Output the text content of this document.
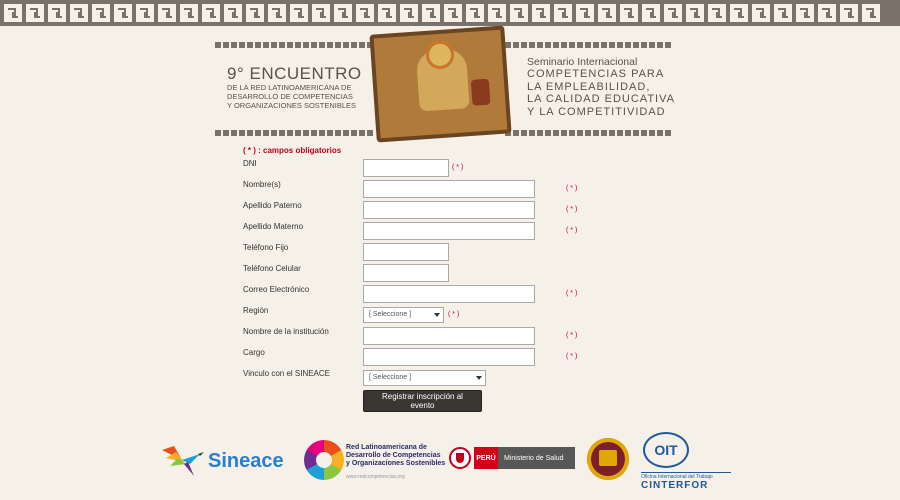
9° ENCUENTRO
DE LA RED LATINOAMERICANA DE
DESARROLLO DE COMPETENCIAS
Y ORGANIZACIONES SOSTENIBLES
Seminario Internacional
COMPETENCIAS PARA
LA EMPLEABILIDAD,
LA CALIDAD EDUCATIVA
Y LA COMPETITIVIDAD
( * ) : campos obligatorios
DNI	( * )
Nombre(s)	( * )
Apellido Paterno	( * )
Apellido Materno	( * )
Teléfono Fijo
Teléfono Celular
Correo Electrónico	( * )
Región	[ Seleccione ]	( * )
Nombre de la institución	( * )
Cargo	( * )
Vinculo con el SINEACE	[ Seleccione ]
Registrar inscripción al evento
Sineace
Red Latinoamericana de
Desarrollo de Competencias
y Organizaciones Sostenibles
www.redcompetencias.org
PERÚ	Ministerio de Salud	OIT
Oficina Internacional del Trabajo
CINTERFOR
